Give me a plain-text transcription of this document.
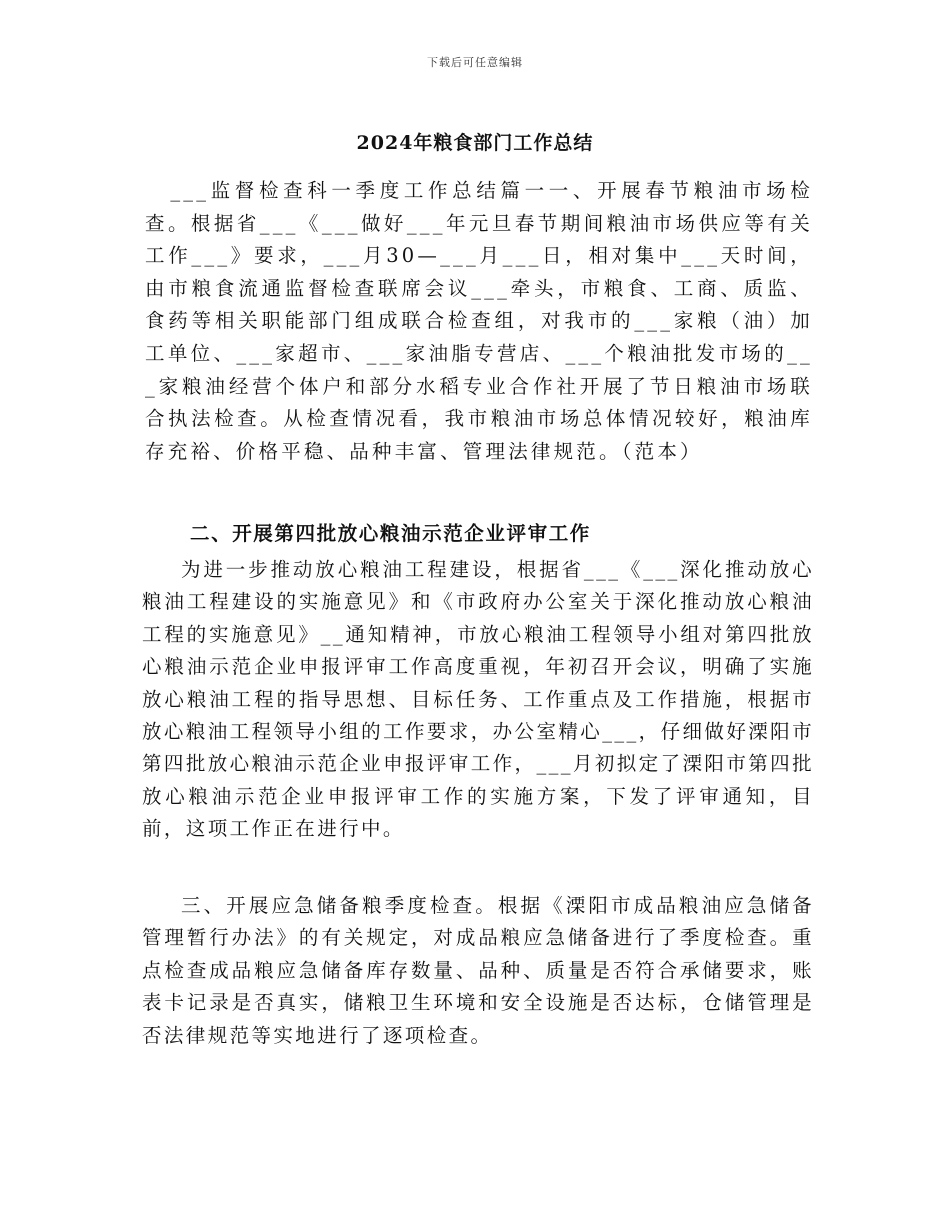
下载后可任意编辑
2024年粮食部门工作总结

___监督检查科一季度工作总结篇一一、开展春节粮油市场检查。根据省___《___做好___年元旦春节期间粮油市场供应等有关工作___》要求，___月30—___月___日，相对集中___天时间，由市粮食流通监督检查联席会议___牵头，市粮食、工商、质监、食药等相关职能部门组成联合检查组，对我市的___家粮（油）加工单位、___家超市、___家油脂专营店、___个粮油批发市场的___家粮油经营个体户和部分水稻专业合作社开展了节日粮油市场联合执法检查。从检查情况看，我市粮油市场总体情况较好，粮油库存充裕、价格平稳、品种丰富、管理法律规范。（范本）

二、开展第四批放心粮油示范企业评审工作

为进一步推动放心粮油工程建设，根据省___《___深化推动放心粮油工程建设的实施意见》和《市政府办公室关于深化推动放心粮油工程的实施意见》__通知精神，市放心粮油工程领导小组对第四批放心粮油示范企业申报评审工作高度重视，年初召开会议，明确了实施放心粮油工程的指导思想、目标任务、工作重点及工作措施，根据市放心粮油工程领导小组的工作要求，办公室精心___，仔细做好溧阳市第四批放心粮油示范企业申报评审工作，___月初拟定了溧阳市第四批放心粮油示范企业申报评审工作的实施方案，下发了评审通知，目前，这项工作正在进行中。

三、开展应急储备粮季度检查。根据《溧阳市成品粮油应急储备管理暂行办法》的有关规定，对成品粮应急储备进行了季度检查。重点检查成品粮应急储备库存数量、品种、质量是否符合承储要求，账表卡记录是否真实，储粮卫生环境和安全设施是否达标，仓储管理是否法律规范等实地进行了逐项检查。
